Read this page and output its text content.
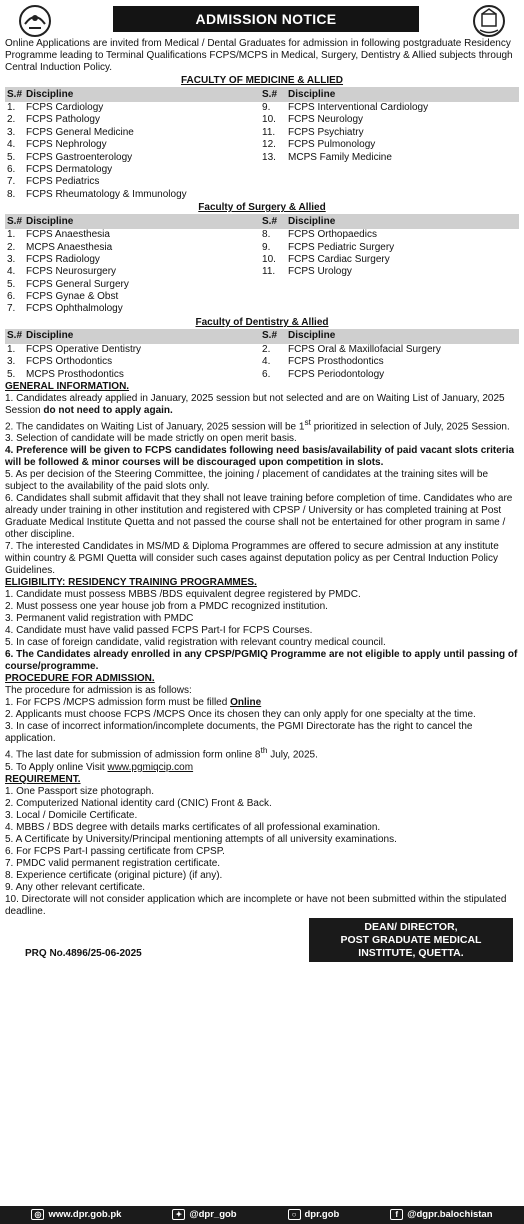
ADMISSION NOTICE
Online Applications are invited from Medical / Dental Graduates for admission in following postgraduate Residency Programme leading to Terminal Qualifications FCPS/MCPS in Medical, Surgery, Dentistry & Allied subjects through Central Induction Policy.
FACULTY OF MEDICINE & ALLIED
S.#	Discipline	S.#	Discipline
1.	FCPS Cardiology	9.	FCPS Interventional Cardiology
2.	FCPS Pathology	10.	FCPS Neurology
3.	FCPS General Medicine	11.	FCPS Psychiatry
4.	FCPS Nephrology	12.	FCPS Pulmonology
5.	FCPS Gastroenterology	13.	MCPS Family Medicine
6.	FCPS Dermatology		
7.	FCPS Pediatrics		
8.	FCPS Rheumatology & Immunology		
Faculty of Surgery & Allied
S.#	Discipline	S.#	Discipline
1.	FCPS Anaesthesia	8.	FCPS Orthopaedics
2.	MCPS Anaesthesia	9.	FCPS Pediatric Surgery
3.	FCPS Radiology	10.	FCPS Cardiac Surgery
4.	FCPS Neurosurgery	11.	FCPS Urology
5.	FCPS General Surgery		
6.	FCPS Gynae & Obst		
7.	FCPS Ophthalmology		
Faculty of Dentistry & Allied
S.#	Discipline	S.#	Discipline
1.	FCPS Operative Dentistry	2.	FCPS Oral & Maxillofacial Surgery
3.	FCPS Orthodontics	4.	FCPS Prosthodontics
5.	MCPS Prosthodontics	6.	FCPS Periodontology
GENERAL INFORMATION.
1. Candidates already applied in January, 2025 session but not selected and are on Waiting List of January, 2025 Session do not need to apply again.
2. The candidates on Waiting List of January, 2025 session will be 1st prioritized in selection of July, 2025 Session.
3. Selection of candidate will be made strictly on open merit basis.
4. Preference will be given to FCPS candidates following need basis/availability of paid vacant slots criteria will be followed & minor courses will be discouraged upon competition in slots.
5. As per decision of the Steering Committee, the joining / placement of candidates at the training sites will be subject to the availability of the paid slots only.
6. Candidates shall submit affidavit that they shall not leave training before completion of time. Candidates who are already under training in other institution and registered with CPSP / University or has completed training at Post Graduate Medical Institute Quetta and not passed the course shall not be entertained for other program in same / other discipline.
7. The interested Candidates in MS/MD & Diploma Programmes are offered to secure admission at any institute within country & PGMI Quetta will consider such cases against deputation policy as per Central Induction Policy Guidelines.
ELIGIBILITY: RESIDENCY TRAINING PROGRAMMES.
1. Candidate must possess MBBS /BDS equivalent degree registered by PMDC.
2. Must possess one year house job from a PMDC recognized institution.
3. Permanent valid registration with PMDC
4. Candidate must have valid passed FCPS Part-I for FCPS Courses.
5. In case of foreign candidate, valid registration with relevant country medical council.
6. The Candidates already enrolled in any CPSP/PGMIQ Programme are not eligible to apply until passing of course/programme.
PROCEDURE FOR ADMISSION.
The procedure for admission is as follows:
1. For FCPS /MCPS admission form must be filled Online
2. Applicants must choose FCPS /MCPS Once its chosen they can only apply for one specialty at the time.
3. In case of incorrect information/incomplete documents, the PGMI Directorate has the right to cancel the application.
4. The last date for submission of admission form online 8th July, 2025.
5. To Apply online Visit www.pgmiqcip.com
REQUIREMENT.
1. One Passport size photograph.
2. Computerized National identity card (CNIC) Front & Back.
3. Local / Domicile Certificate.
4. MBBS / BDS degree with details marks certificates of all professional examination.
5. A Certificate by University/Principal mentioning attempts of all university examinations.
6. For FCPS Part-I passing certificate from CPSP.
7. PMDC valid permanent registration certificate.
8. Experience certificate (original picture) (if any).
9. Any other relevant certificate.
10. Directorate will not consider application which are incomplete or have not been submitted within the stipulated deadline.
DEAN/ DIRECTOR,
POST GRADUATE MEDICAL
INSTITUTE, QUETTA.
PRQ No.4896/25-06-2025
◎ www.dpr.gob.pk	✦ @dpr_gob	○ dpr.gob	f @dgpr.balochistan
